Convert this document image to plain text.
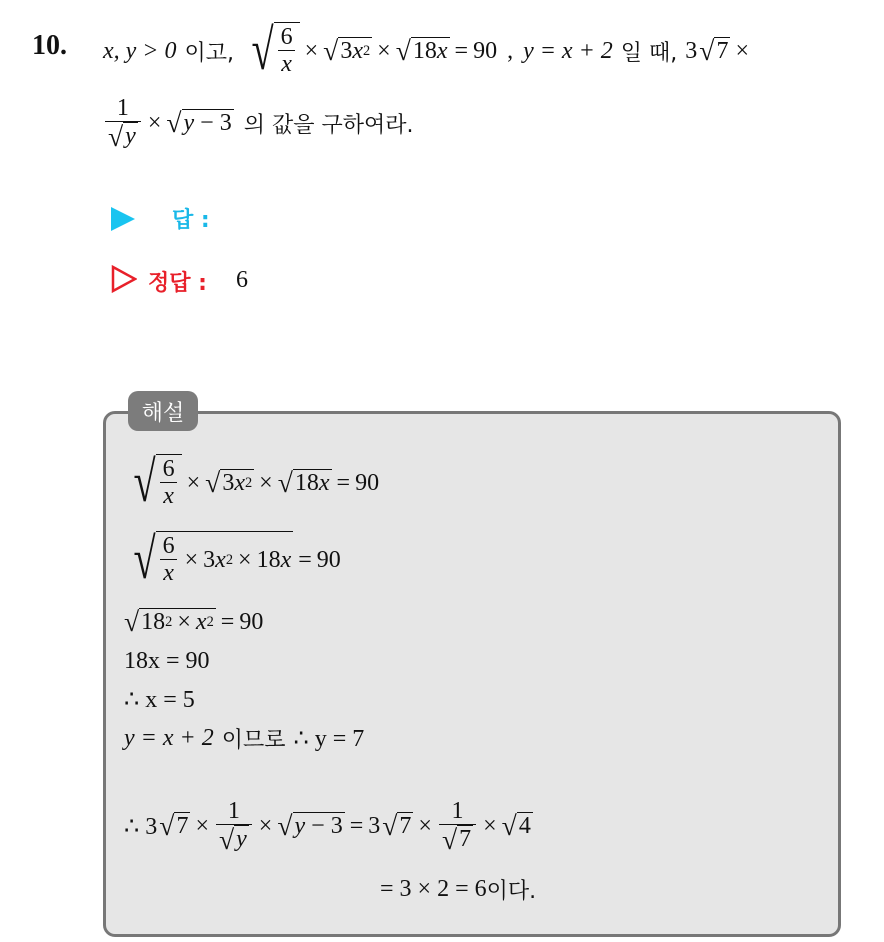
10. x, y > 0 이고, √ $\frac{6}{x}$ × √ 3 x 2 × √ 18 x = 90 , y = x + 2 일 때, 3 √ 7 ×
$\frac{1}{√ y}$ × √ y − 3 의 값을 구하여라.
답 :
정답 : 6
해설
√ $\frac{6}{x}$ × √ 3 x 2 × √ 18 x = 90
√ $\frac{6}{x} \times 3$ x 2 × 18 x = 90
√ 18 2 × x 2 = 90
18x = 90
∴ x = 5
y = x + 2 이므로 ∴ y = 7
∴ 3 √ $7 \times \frac{1}{√ y}$ × √ y − 3 = 3 √ $7 \times \frac{1}{√ 7}$ × √ 4
= 3 × 2 = 6 이다.
